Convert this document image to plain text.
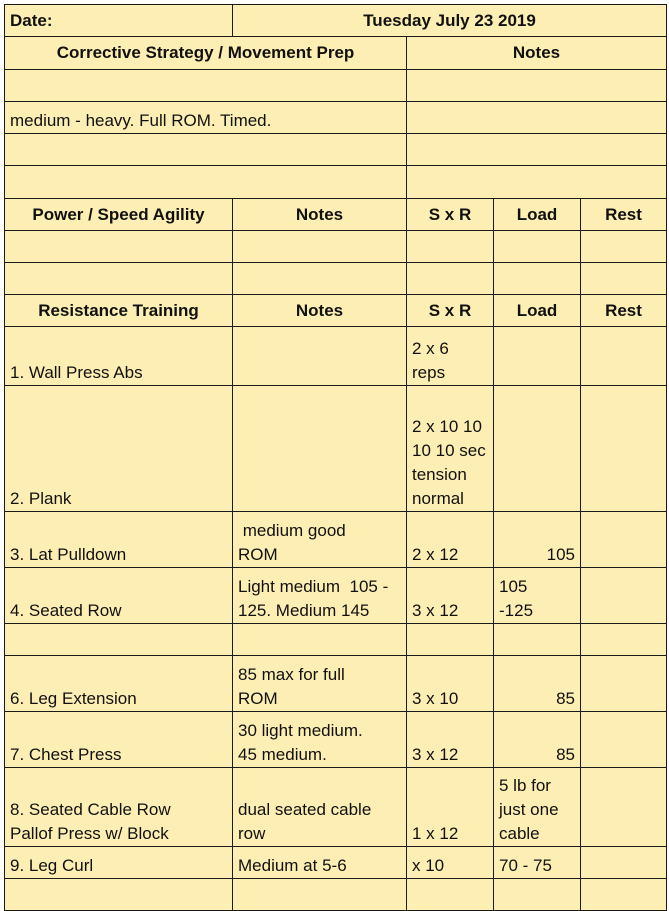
Date:	Tuesday July 23 2019			
Corrective Strategy / Movement Prep		Notes		

medium - heavy. Full ROM. Timed.				

Power / Speed Agility	Notes	S x R	Load	Rest

Resistance Training	Notes	S x R	Load	Rest
1. Wall Press Abs		2 x 6 reps		
2. Plank		2 x 10 10 10 10 sec tension normal		
3. Lat Pulldown	medium good ROM	2 x 12	105	
4. Seated Row	Light medium  105 - 125. Medium 145	3 x 12	105 -125	

6. Leg Extension	85 max for full ROM	3 x 10	85	
7. Chest Press	30 light medium. 45 medium.	3 x 12	85	
8. Seated Cable Row Pallof Press w/ Block	dual seated cable row	1 x 12	5 lb for just one cable	
9. Leg Curl	Medium at 5-6	x 10	70 - 75	
